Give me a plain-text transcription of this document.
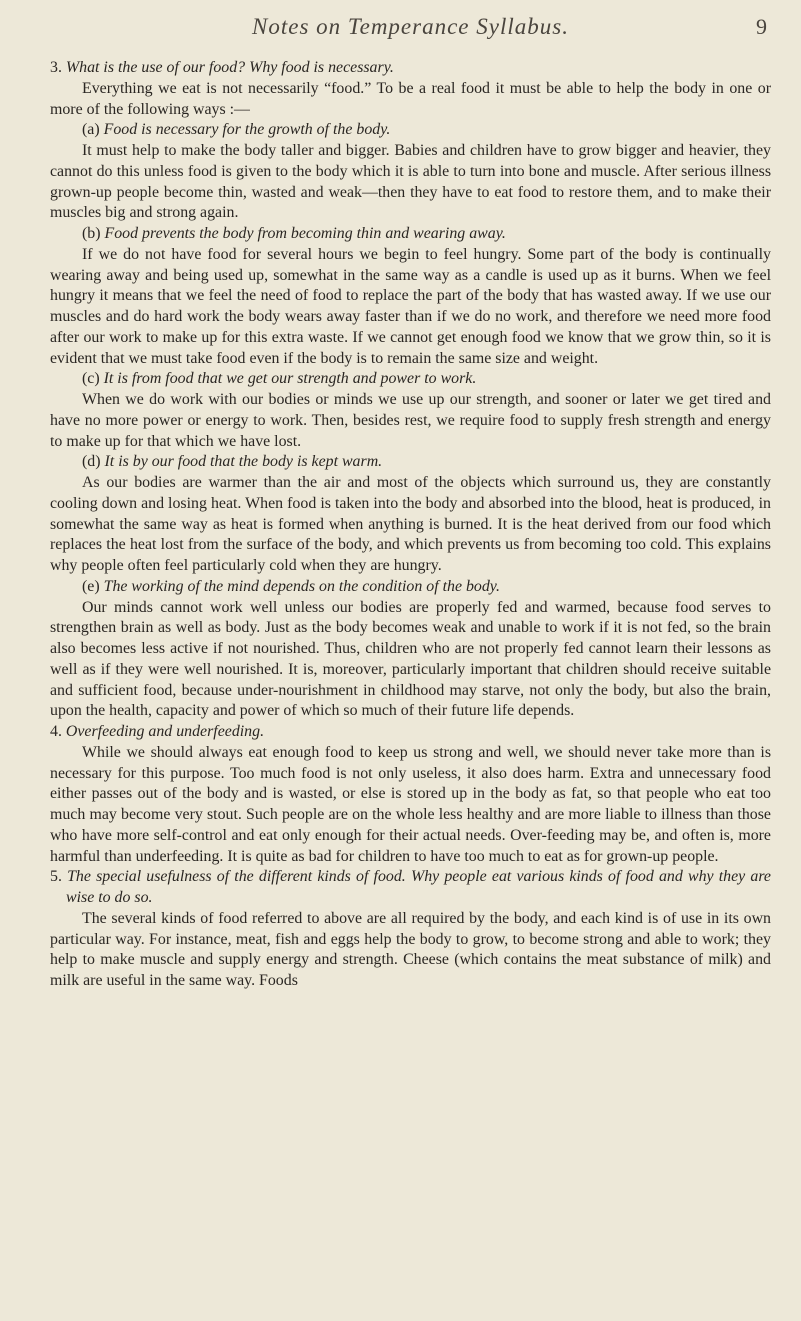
Notes on Temperance Syllabus.	9

3. What is the use of our food? Why food is necessary.

Everything we eat is not necessarily “food.” To be a real food it must be able to help the body in one or more of the following ways :—

(a) Food is necessary for the growth of the body.

It must help to make the body taller and bigger. Babies and children have to grow bigger and heavier, they cannot do this unless food is given to the body which it is able to turn into bone and muscle. After serious illness grown-up people become thin, wasted and weak—then they have to eat food to restore them, and to make their muscles big and strong again.

(b) Food prevents the body from becoming thin and wearing away.

If we do not have food for several hours we begin to feel hungry. Some part of the body is continually wearing away and being used up, somewhat in the same way as a candle is used up as it burns. When we feel hungry it means that we feel the need of food to replace the part of the body that has wasted away. If we use our muscles and do hard work the body wears away faster than if we do no work, and therefore we need more food after our work to make up for this extra waste. If we cannot get enough food we know that we grow thin, so it is evident that we must take food even if the body is to remain the same size and weight.

(c) It is from food that we get our strength and power to work.

When we do work with our bodies or minds we use up our strength, and sooner or later we get tired and have no more power or energy to work. Then, besides rest, we require food to supply fresh strength and energy to make up for that which we have lost.

(d) It is by our food that the body is kept warm.

As our bodies are warmer than the air and most of the objects which surround us, they are constantly cooling down and losing heat. When food is taken into the body and absorbed into the blood, heat is produced, in somewhat the same way as heat is formed when anything is burned. It is the heat derived from our food which replaces the heat lost from the surface of the body, and which prevents us from becoming too cold. This explains why people often feel particularly cold when they are hungry.

(e) The working of the mind depends on the condition of the body.

Our minds cannot work well unless our bodies are properly fed and warmed, because food serves to strengthen brain as well as body. Just as the body becomes weak and unable to work if it is not fed, so the brain also becomes less active if not nourished. Thus, children who are not properly fed cannot learn their lessons as well as if they were well nourished. It is, moreover, particularly important that children should receive suitable and sufficient food, because under-nourishment in childhood may starve, not only the body, but also the brain, upon the health, capacity and power of which so much of their future life depends.

4. Overfeeding and underfeeding.

While we should always eat enough food to keep us strong and well, we should never take more than is necessary for this purpose. Too much food is not only useless, it also does harm. Extra and unnecessary food either passes out of the body and is wasted, or else is stored up in the body as fat, so that people who eat too much may become very stout. Such people are on the whole less healthy and are more liable to illness than those who have more self-control and eat only enough for their actual needs. Over-feeding may be, and often is, more harmful than underfeeding. It is quite as bad for children to have too much to eat as for grown-up people.

5. The special usefulness of the different kinds of food. Why people eat various kinds of food and why they are wise to do so.

The several kinds of food referred to above are all required by the body, and each kind is of use in its own particular way. For instance, meat, fish and eggs help the body to grow, to become strong and able to work; they help to make muscle and supply energy and strength. Cheese (which contains the meat substance of milk) and milk are useful in the same way. Foods
